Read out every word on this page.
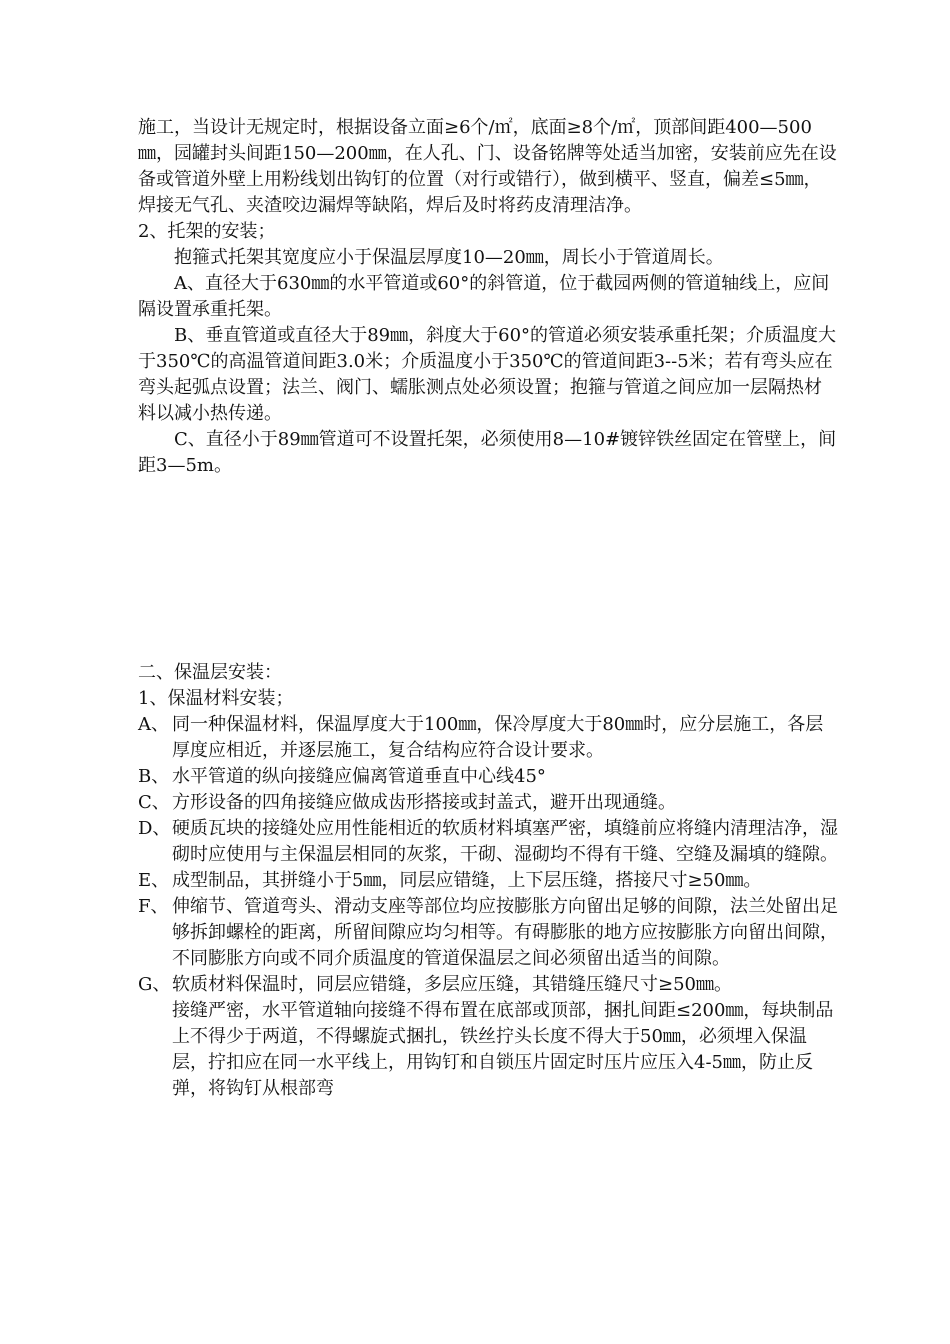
施工，当设计无规定时，根据设备立面≥6个/㎡，底面≥8个/㎡，顶部间距400—500㎜，园罐封头间距150—200㎜，在人孔、门、设备铭牌等处适当加密，安装前应先在设备或管道外壁上用粉线划出钩钉的位置（对行或错行），做到横平、竖直，偏差≤5㎜，焊接无气孔、夹渣咬边漏焊等缺陷，焊后及时将药皮清理洁净。

2、托架的安装；

抱箍式托架其宽度应小于保温层厚度10—20㎜，周长小于管道周长。

A、直径大于630㎜的水平管道或60°的斜管道，位于截园两侧的管道轴线上，应间隔设置承重托架。

B、垂直管道或直径大于89㎜，斜度大于60°的管道必须安装承重托架；介质温度大于350℃的高温管道间距3.0米；介质温度小于350℃的管道间距3--5米；若有弯头应在弯头起弧点设置；法兰、阀门、蠕胀测点处必须设置；抱箍与管道之间应加一层隔热材料以减小热传递。

C、直径小于89㎜管道可不设置托架，必须使用8—10#镀锌铁丝固定在管壁上，间距3—5m。

二、保温层安装：

1、保温材料安装；

A、 同一种保温材料，保温厚度大于100㎜，保冷厚度大于80㎜时，应分层施工，各层厚度应相近，并逐层施工，复合结构应符合设计要求。
B、 水平管道的纵向接缝应偏离管道垂直中心线45°
C、 方形设备的四角接缝应做成齿形搭接或封盖式，避开出现通缝。
D、 硬质瓦块的接缝处应用性能相近的软质材料填塞严密，填缝前应将缝内清理洁净，湿砌时应使用与主保温层相同的灰浆，干砌、湿砌均不得有干缝、空缝及漏填的缝隙。
E、 成型制品，其拼缝小于5㎜，同层应错缝，上下层压缝，搭接尺寸≥50㎜。
F、 伸缩节、管道弯头、滑动支座等部位均应按膨胀方向留出足够的间隙，法兰处留出足够拆卸螺栓的距离，所留间隙应均匀相等。有碍膨胀的地方应按膨胀方向留出间隙，不同膨胀方向或不同介质温度的管道保温层之间必须留出适当的间隙。
G、 软质材料保温时，同层应错缝，多层应压缝，其错缝压缝尺寸≥50㎜。

接缝严密，水平管道轴向接缝不得布置在底部或顶部，捆扎间距≤200㎜，每块制品上不得少于两道，不得螺旋式捆扎，铁丝拧头长度不得大于50㎜，必须埋入保温层，拧扣应在同一水平线上，用钩钉和自锁压片固定时压片应压入4-5㎜，防止反弹，将钩钉从根部弯
